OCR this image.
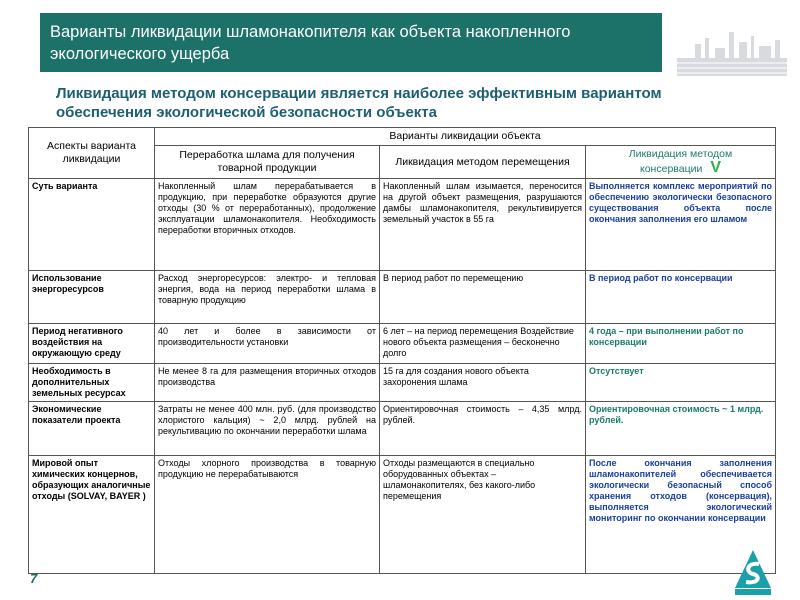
Варианты ликвидации шламонакопителя как объекта накопленного экологического ущерба
Ликвидация методом консервации является наиболее эффективным вариантом обеспечения экологической безопасности объекта
Аспекты варианта ликвидации	Варианты ликвидации объекта		
	Переработка шлама для получения товарной продукции	Ликвидация методом перемещения	Ликвидация методом консервации V
Суть варианта	Накопленный шлам перерабатывается в продукцию, при переработке образуются другие отходы (30 % от переработанных), продолжение эксплуатации шламонакопителя. Необходимость переработки вторичных отходов.	Накопленный шлам изымается, переносится на другой объект размещения, разрушаются дамбы шламонакопителя, рекультивируется земельный участок в 55 га	Выполняется комплекс мероприятий по обеспечению экологически безопасного существования объекта после окончания заполнения его шламом
Использование энергоресурсов	Расход энергоресурсов: электро- и тепловая энергия, вода на период переработки шлама в товарную продукцию	В период работ по перемещению	В период работ по консервации
Период негативного воздействия на окружающую среду	40 лет и более в зависимости от производительности установки	6 лет – на период перемещения Воздействие нового объекта размещения – бесконечно долго	4 года – при выполнении работ по консервации
Необходимость в дополнительных земельных ресурсах	Не менее 8 га для размещения вторичных отходов производства	15 га для создания нового объекта захоронения шлама	Отсутствует
Экономические показатели проекта	Затраты не менее 400 млн. руб. (для производство хлористого кальция) ~ 2,0 млрд. рублей на рекультивацию по окончании переработки шлама	Ориентировочная стоимость – 4,35 млрд. рублей.	Ориентировочная стоимость ~ 1 млрд. рублей.
Мировой опыт химических концернов, образующих аналогичные отходы (SOLVAY, BAYER )	Отходы хлорного производства в товарную продукцию не перерабатываются	Отходы размещаются в специально оборудованных объектах – шламонакопителях, без какого-либо перемещения	После окончания заполнения шламонакопителей обеспечивается экологически безопасный способ хранения отходов (консервация), выполняется экологический мониторинг по окончании консервации
7
